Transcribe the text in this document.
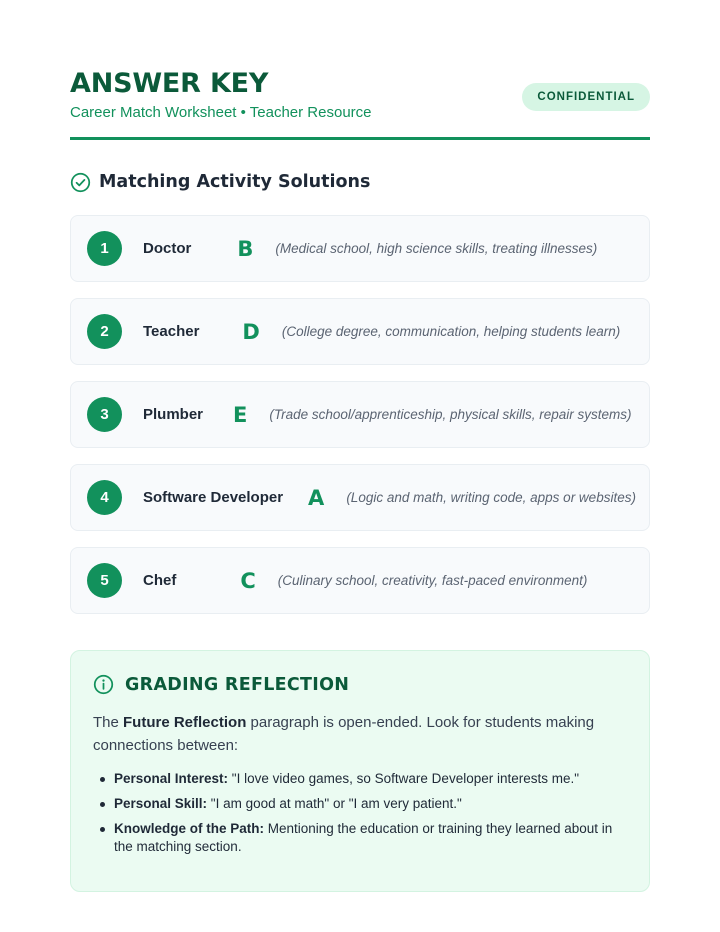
ANSWER KEY
Career Match Worksheet • Teacher Resource
CONFIDENTIAL
Matching Activity Solutions
1	Doctor B (Medical school, high science skills, treating illnesses)
2	Teacher D (College degree, communication, helping students learn)
3	Plumber E (Trade school/apprenticeship, physical skills, repair systems)
4	Software Developer A (Logic and math, writing code, apps or websites)
5	Chef	C (Culinary school, creativity, fast-paced environment)
GRADING REFLECTION

The Future Reflection paragraph is open-ended. Look for students making connections between:

Personal Interest: "I love video games, so Software Developer interests me."
Personal Skill: "I am good at math" or "I am very patient."
Knowledge of the Path: Mentioning the education or training they learned about in the matching section.
